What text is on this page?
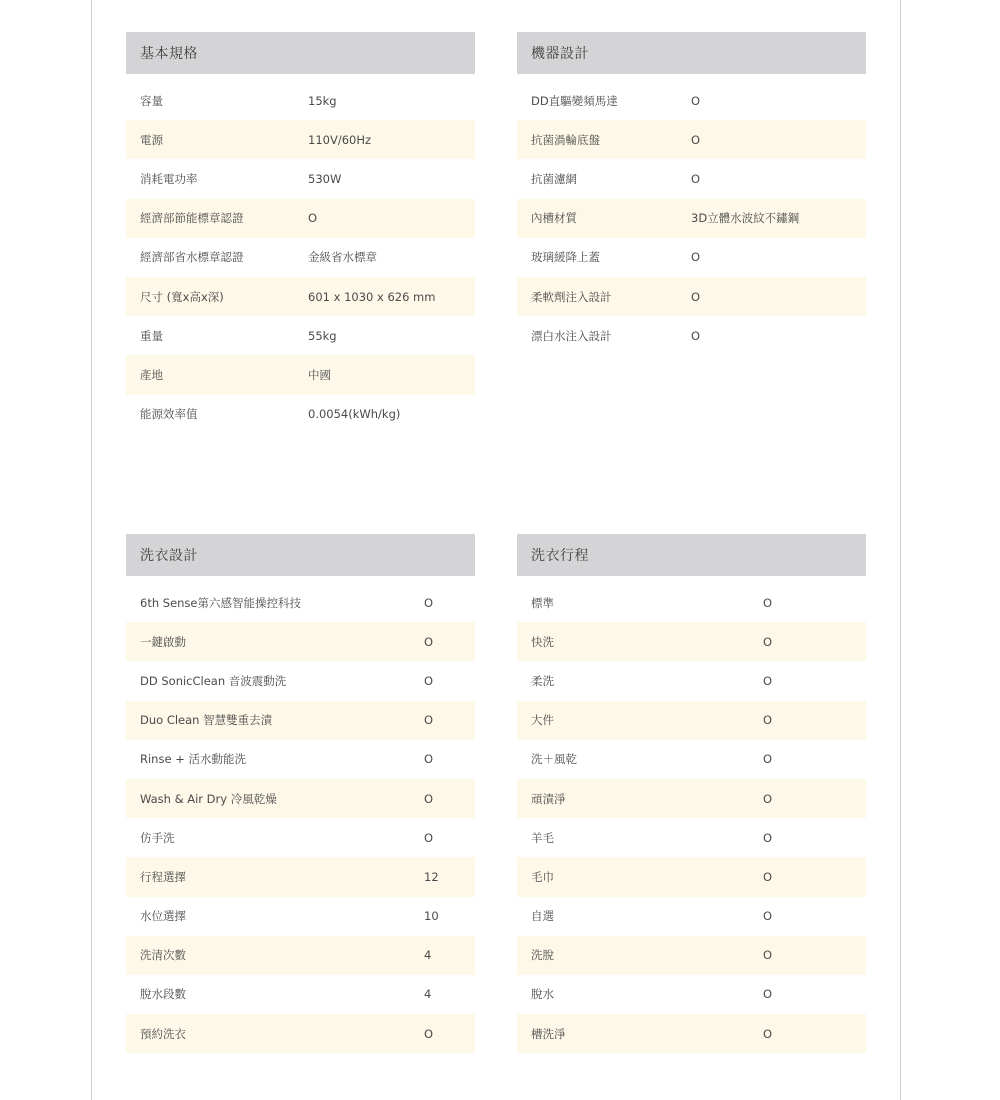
基本規格
容量	15kg
電源	110V/60Hz
消耗電功率	530W
經濟部節能標章認證	O
經濟部省水標章認證	金級省水標章
尺寸 (寬x高x深)	601 x 1030 x 626 mm
重量	55kg
產地	中國
能源效率值	0.0054(kWh/kg)
機器設計
DD直驅變頻馬達	O
抗菌渦輪底盤	O
抗菌濾網	O
內槽材質	3D立體水波紋不鏽鋼
玻璃緩降上蓋	O
柔軟劑注入設計	O
漂白水注入設計	O
洗衣設計
6th Sense第六感智能操控科技	O
一鍵啟動	O
DD SonicClean 音波震動洗	O
Duo Clean 智慧雙重去漬	O
Rinse + 活水動能洗	O
Wash & Air Dry 冷風乾燥	O
仿手洗	O
行程選擇	12
水位選擇	10
洗清次數	4
脫水段數	4
預約洗衣	O
洗衣行程
標準	O
快洗	O
柔洗	O
大件	O
洗＋風乾	O
頑漬淨	O
羊毛	O
毛巾	O
自選	O
洗脫	O
脫水	O
槽洗淨	O
